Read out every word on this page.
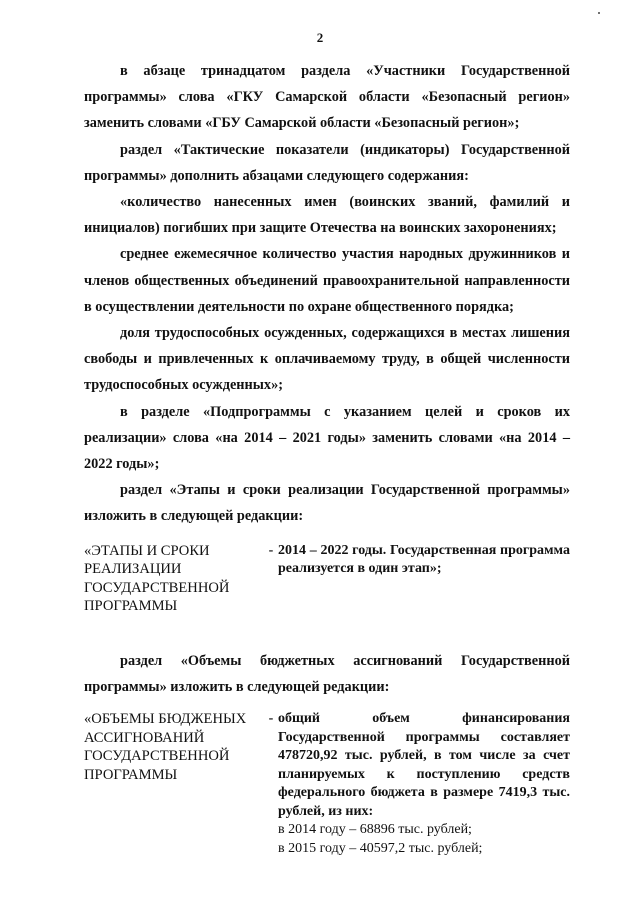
2

в абзаце тринадцатом раздела «Участники Государственной программы» слова «ГКУ Самарской области «Безопасный регион» заменить словами «ГБУ Самарской области «Безопасный регион»;

раздел «Тактические показатели (индикаторы) Государственной программы» дополнить абзацами следующего содержания:

«количество нанесенных имен (воинских званий, фамилий и инициалов) погибших при защите Отечества на воинских захоронениях;

среднее ежемесячное количество участия народных дружинников и членов общественных объединений правоохранительной направленности в осуществлении деятельности по охране общественного порядка;

доля трудоспособных осужденных, содержащихся в местах лишения свободы и привлеченных к оплачиваемому труду, в общей численности трудоспособных осужденных»;

в разделе «Подпрограммы с указанием целей и сроков их реализации» слова «на 2014 – 2021 годы» заменить словами «на 2014 – 2022 годы»;

раздел «Этапы и сроки реализации Государственной программы» изложить в следующей редакции:

«ЭТАПЫ И СРОКИ РЕАЛИЗАЦИИ ГОСУДАРСТВЕННОЙ ПРОГРАММЫ
- 2014 – 2022 годы. Государственная программа реализуется в один этап»;

раздел «Объемы бюджетных ассигнований Государственной программы» изложить в следующей редакции:

«ОБЪЕМЫ БЮДЖЕНЫХ АССИГНОВАНИЙ ГОСУДАРСТВЕННОЙ ПРОГРАММЫ
- общий объем финансирования Государственной программы составляет 478720,92 тыс. рублей, в том числе за счет планируемых к поступлению средств федерального бюджета в размере 7419,3 тыс. рублей, из них:

в 2014 году – 68896 тыс. рублей;

в 2015 году – 40597,2 тыс. рублей;
